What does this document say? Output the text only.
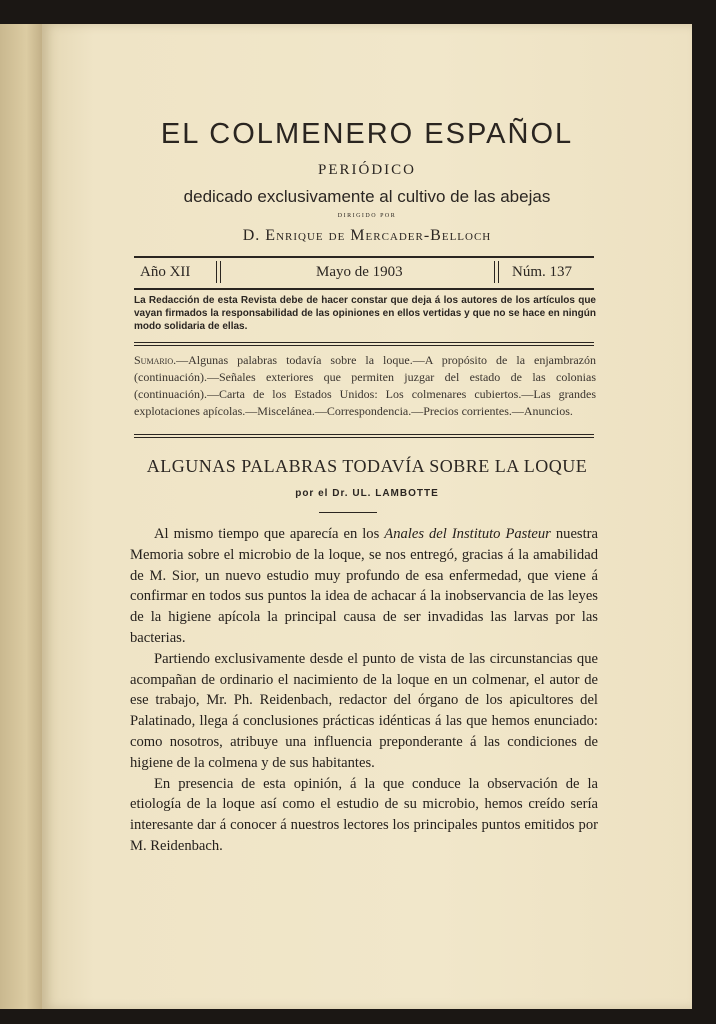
EL COLMENERO ESPAÑOL
PERIÓDICO
dedicado exclusivamente al cultivo de las abejas
DIRIGIDO POR
D. Enrique de Mercader-Belloch
Año XII	Mayo de 1903	Núm. 137
La Redacción de esta Revista debe de hacer constar que deja á los autores de los artículos que vayan firmados la responsabilidad de las opiniones en ellos vertidas y que no se hace en ningún modo solidaria de ellas.
Sumario.—Algunas palabras todavía sobre la loque.—A propósito de la enjambrazón (continuación).—Señales exteriores que permiten juzgar del estado de las colonias (continuación).—Carta de los Estados Unidos: Los colmenares cubiertos.—Las grandes explotaciones apícolas.—Miscelánea.—Correspondencia.—Precios corrientes.—Anuncios.
ALGUNAS PALABRAS TODAVÍA SOBRE LA LOQUE
por el Dr. UL. LAMBOTTE

Al mismo tiempo que aparecía en los Anales del Instituto Pasteur nuestra Memoria sobre el microbio de la loque, se nos entregó, gracias á la amabilidad de M. Sior, un nuevo estudio muy profundo de esa enfermedad, que viene á confirmar en todos sus puntos la idea de achacar á la inobservancia de las leyes de la higiene apícola la principal causa de ser invadidas las larvas por las bacterias.

Partiendo exclusivamente desde el punto de vista de las circunstancias que acompañan de ordinario el nacimiento de la loque en un colmenar, el autor de ese trabajo, Mr. Ph. Reidenbach, redactor del órgano de los apicultores del Palatinado, llega á conclusiones prácticas idénticas á las que hemos enunciado: como nosotros, atribuye una influencia preponderante á las condiciones de higiene de la colmena y de sus habitantes.

En presencia de esta opinión, á la que conduce la observación de la etiología de la loque así como el estudio de su microbio, hemos creído sería interesante dar á conocer á nuestros lectores los principales puntos emitidos por M. Reidenbach.
